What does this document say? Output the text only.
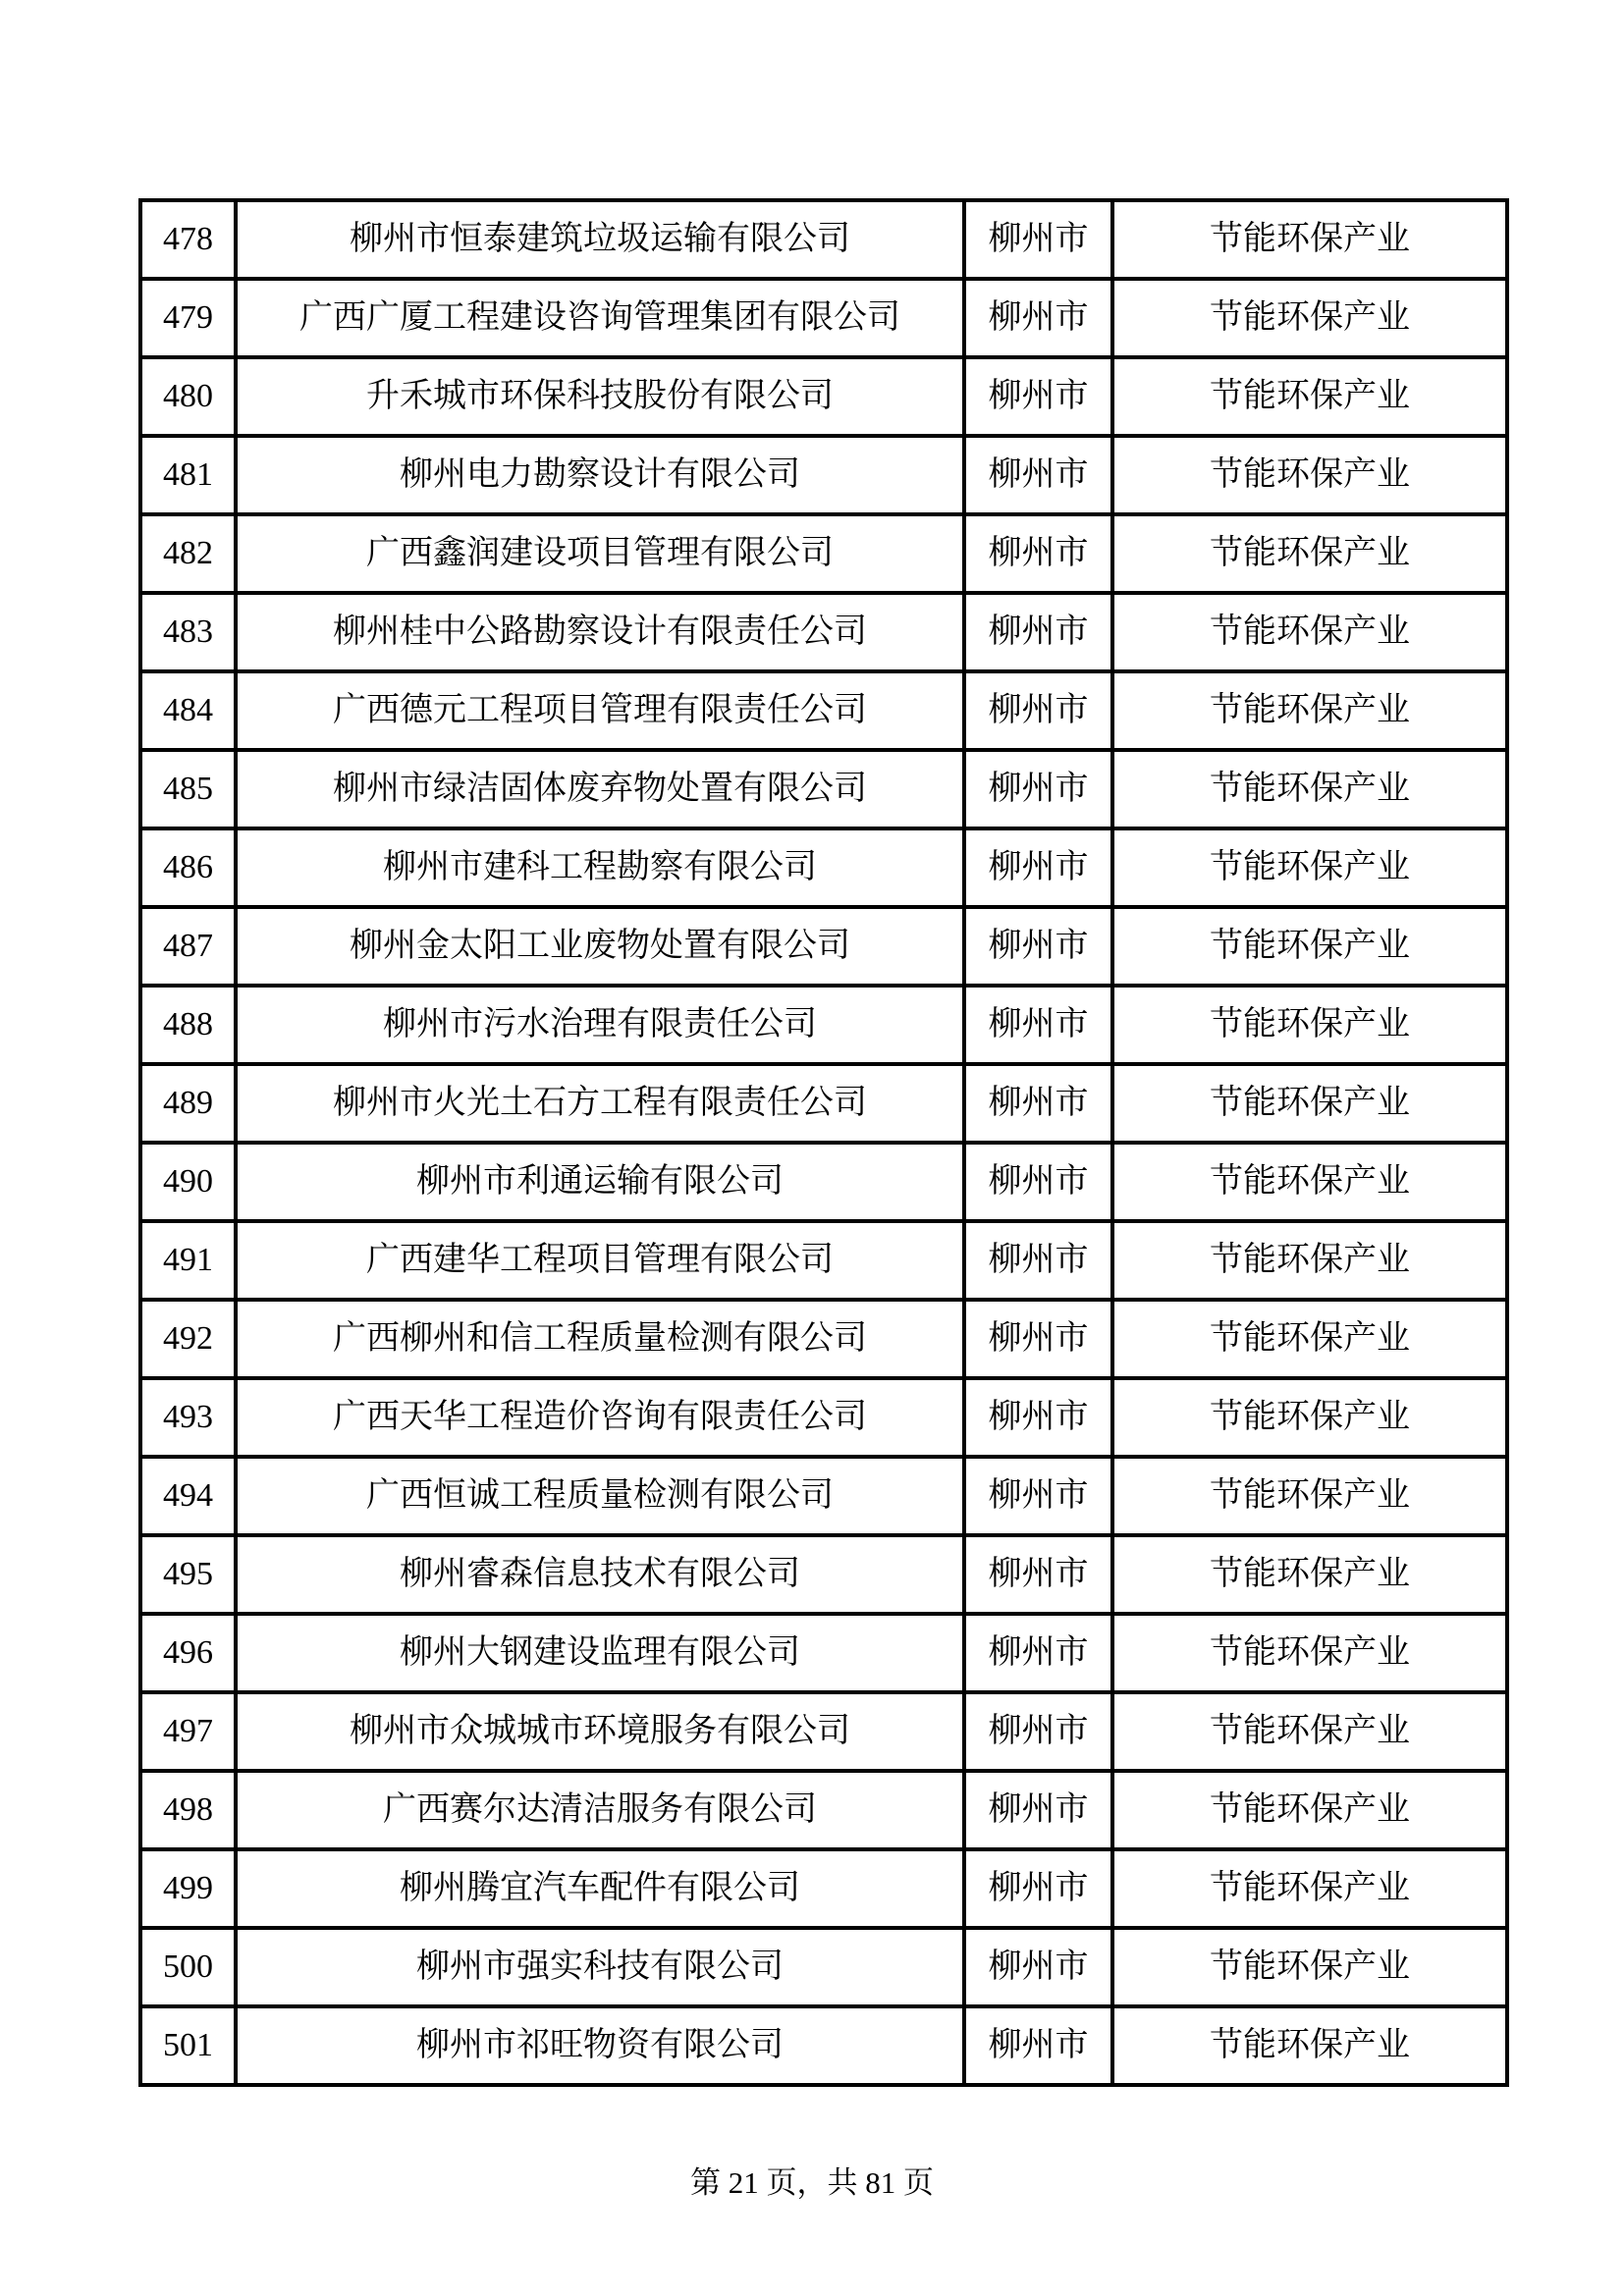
478	柳州市恒泰建筑垃圾运输有限公司	柳州市	节能环保产业
479	广西广厦工程建设咨询管理集团有限公司	柳州市	节能环保产业
480	升禾城市环保科技股份有限公司	柳州市	节能环保产业
481	柳州电力勘察设计有限公司	柳州市	节能环保产业
482	广西鑫润建设项目管理有限公司	柳州市	节能环保产业
483	柳州桂中公路勘察设计有限责任公司	柳州市	节能环保产业
484	广西德元工程项目管理有限责任公司	柳州市	节能环保产业
485	柳州市绿洁固体废弃物处置有限公司	柳州市	节能环保产业
486	柳州市建科工程勘察有限公司	柳州市	节能环保产业
487	柳州金太阳工业废物处置有限公司	柳州市	节能环保产业
488	柳州市污水治理有限责任公司	柳州市	节能环保产业
489	柳州市火光土石方工程有限责任公司	柳州市	节能环保产业
490	柳州市利通运输有限公司	柳州市	节能环保产业
491	广西建华工程项目管理有限公司	柳州市	节能环保产业
492	广西柳州和信工程质量检测有限公司	柳州市	节能环保产业
493	广西天华工程造价咨询有限责任公司	柳州市	节能环保产业
494	广西恒诚工程质量检测有限公司	柳州市	节能环保产业
495	柳州睿森信息技术有限公司	柳州市	节能环保产业
496	柳州大钢建设监理有限公司	柳州市	节能环保产业
497	柳州市众城城市环境服务有限公司	柳州市	节能环保产业
498	广西赛尔达清洁服务有限公司	柳州市	节能环保产业
499	柳州腾宜汽车配件有限公司	柳州市	节能环保产业
500	柳州市强实科技有限公司	柳州市	节能环保产业
501	柳州市祁旺物资有限公司	柳州市	节能环保产业
第 21 页，共 81 页
